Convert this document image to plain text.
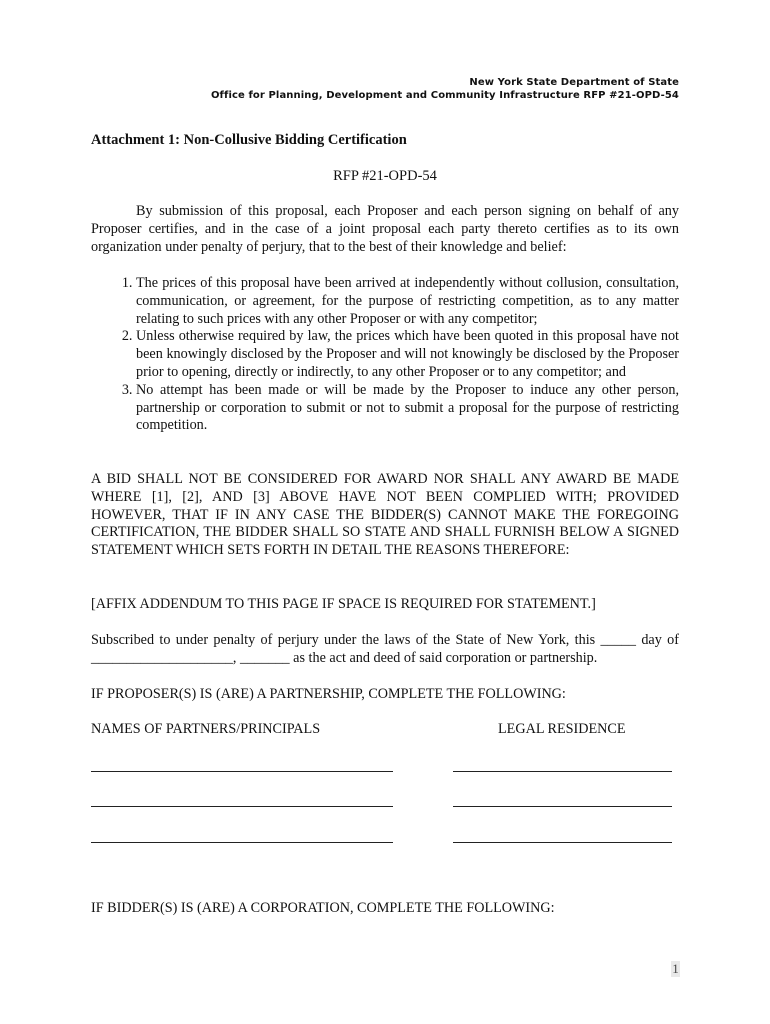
New York State Department of State
Office for Planning, Development and Community Infrastructure RFP #21-OPD-54
Attachment 1: Non-Collusive Bidding Certification
RFP #21-OPD-54

By submission of this proposal, each Proposer and each person signing on behalf of any Proposer certifies, and in the case of a joint proposal each party thereto certifies as to its own organization under penalty of perjury, that to the best of their knowledge and belief:

1. The prices of this proposal have been arrived at independently without collusion, consultation, communication, or agreement, for the purpose of restricting competition, as to any matter relating to such prices with any other Proposer or with any competitor;
2. Unless otherwise required by law, the prices which have been quoted in this proposal have not been knowingly disclosed by the Proposer and will not knowingly be disclosed by the Proposer prior to opening, directly or indirectly, to any other Proposer or to any competitor; and
3. No attempt has been made or will be made by the Proposer to induce any other person, partnership or corporation to submit or not to submit a proposal for the purpose of restricting competition.

A BID SHALL NOT BE CONSIDERED FOR AWARD NOR SHALL ANY AWARD BE MADE WHERE [1], [2], AND [3] ABOVE HAVE NOT BEEN COMPLIED WITH; PROVIDED HOWEVER, THAT IF IN ANY CASE THE BIDDER(S) CANNOT MAKE THE FOREGOING CERTIFICATION, THE BIDDER SHALL SO STATE AND SHALL FURNISH BELOW A SIGNED STATEMENT WHICH SETS FORTH IN DETAIL THE REASONS THEREFORE:

[AFFIX ADDENDUM TO THIS PAGE IF SPACE IS REQUIRED FOR STATEMENT.]

Subscribed to under penalty of perjury under the laws of the State of New York, this _____ day of ____________________, _______ as the act and deed of said corporation or partnership.

IF PROPOSER(S) IS (ARE) A PARTNERSHIP, COMPLETE THE FOLLOWING:

NAMES OF PARTNERS/PRINCIPALS	LEGAL RESIDENCE

IF BIDDER(S) IS (ARE) A CORPORATION, COMPLETE THE FOLLOWING:

1
